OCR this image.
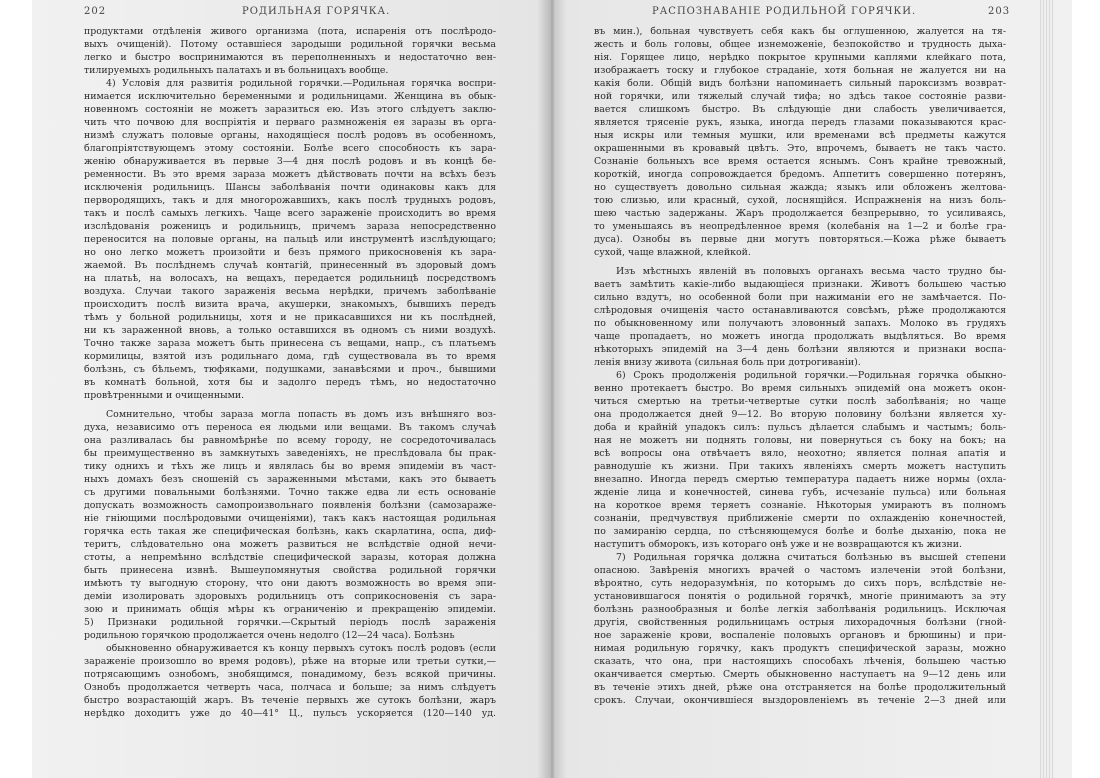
202	РОДИЛЬНАЯ ГОРЯЧКА.
продуктами отдѣленія живого организма (пота, испаренія отъ послѣродо-
выхъ очищеній). Потому оставшіеся зародыши родильной горячки весьма
легко и быстро воспринимаются въ переполненныхъ и недостаточно вен-
тилируемыхъ родильныхъ палатахъ и въ больницахъ вообще.
4) Условія для развитія родильной горячки.—Родильная горячка воспри-
нимается исключительно беременными и родильницами. Женщина въ обык-
новенномъ состояніи не можетъ заразиться ею. Изъ этого слѣдуетъ заклю-
чить что почвою для воспріятія и перваго размноженія ея заразы въ орга-
низмѣ служатъ половые органы, находящіеся послѣ родовъ въ особенномъ,
благопріятствующемъ этому состояніи. Болѣе всего способность къ зара-
женію обнаруживается въ первые 3—4 дня послѣ родовъ и въ концѣ бе-
ременности. Въ это время зараза можетъ дѣйствовать почти на всѣхъ безъ
исключенія родильницъ. Шансы заболѣванія почти одинаковы какъ для
первородящихъ, такъ и для многорожавшихъ, какъ послѣ трудныхъ родовъ,
такъ и послѣ самыхъ легкихъ. Чаще всего зараженіе происходитъ во время
изслѣдованія роженицъ и родильницъ, причемъ зараза непосредственно
переносится на половые органы, на пальцѣ или инструментѣ изслѣдующаго;
но оно легко можетъ произойти и безъ прямого прикосновенія къ зара-
жаемой. Въ послѣднемъ случаѣ контагій, принесенный въ здоровый домъ
на платьѣ, на волосахъ, на вещахъ, передается родильницѣ посредствомъ
воздуха. Случаи такого зараженія весьма нерѣдки, причемъ заболѣваніе
происходитъ послѣ визита врача, акушерки, знакомыхъ, бывшихъ передъ
тѣмъ у больной родильницы, хотя и не прикасавшихся ни къ послѣдней,
ни къ зараженной вновь, а только оставшихся въ одномъ съ ними воздухѣ.
Точно также зараза можетъ быть принесена съ вещами, напр., съ платьемъ
кормилицы, взятой изъ родильнаго дома, гдѣ существовала въ то время
болѣзнь, съ бѣльемъ, тюфяками, подушками, занавѣсями и проч., бывшими
въ комнатѣ больной, хотя бы и задолго передъ тѣмъ, но недостаточно
провѣтренными и очищенными.
Сомнительно, чтобы зараза могла попасть въ домъ изъ внѣшняго воз-
духа, независимо отъ переноса ея людьми или вещами. Въ такомъ случаѣ
она разливалась бы равномѣрнѣе по всему городу, не сосредоточивалась
бы преимущественно въ замкнутыхъ заведеніяхъ, не преслѣдовала бы прак-
тику однихъ и тѣхъ же лицъ и являлась бы во время эпидеміи въ част-
ныхъ домахъ безъ сношеній съ зараженными мѣстами, какъ это бываетъ
съ другими повальными болѣзнями. Точно также едва ли есть основаніе
допускать возможность самопроизвольнаго появленія болѣзни (самозараже-
ніе гніющими послѣродовыми очищеніями), такъ какъ настоящая родильная
горячка есть такая же специфическая болѣзнь, какъ скарлатина, оспа, диф-
теритъ, слѣдовательно она можетъ развиться не вслѣдствіе одной нечи-
стоты, а непремѣнно вслѣдствіе специфической заразы, которая должна
быть принесена извнѣ. Вышеупомянутыя свойства родильной горячки
имѣютъ ту выгодную сторону, что они даютъ возможность во время эпи-
деміи изолировать здоровыхъ родильницъ отъ соприкосновенія съ зара-
зою и принимать общія мѣры къ ограниченію и прекращенію эпидеміи.
5) Признаки родильной горячки.—Скрытый періодъ послѣ зараженія
родильною горячкою продолжается очень недолго (12—24 часа). Болѣзнь
обыкновенно обнаруживается къ концу первыхъ сутокъ послѣ родовъ (если
зараженіе произошло во время родовъ), рѣже на вторые или третьи сутки,—
потрясающимъ ознобомъ, знобящимся, понадимому, безъ всякой причины.
Ознобъ продолжается четверть часа, полчаса и больше; за нимъ слѣдуетъ
быстро возрастающій жаръ. Въ теченіе первыхъ же сутокъ болѣзни, жаръ
нерѣдко доходитъ уже до 40—41° Ц., пульсъ ускоряется (120—140 уд.
РАСПОЗНАВАНІЕ РОДИЛЬНОЙ ГОРЯЧКИ.	203
въ мин.), больная чувствуетъ себя какъ бы оглушенною, жалуется на тя-
жесть и боль головы, общее изнеможеніе, безпокойство и трудность дыха-
нія. Горящее лицо, нерѣдко покрытое крупными каплями клейкаго пота,
изображаетъ тоску и глубокое страданіе, хотя больная не жалуется ни на
какія боли. Общій видъ болѣзни напоминаетъ сильный пароксизмъ возврат-
ной горячки, или тяжелый случай тифа; но здѣсь такое состояніе разви-
вается слишкомъ быстро. Въ слѣдующіе дни слабость увеличивается,
является трясеніе рукъ, языка, иногда передъ глазами показываются крас-
ныя искры или темныя мушки, или временами всѣ предметы кажутся
окрашенными въ кровавый цвѣтъ. Это, впрочемъ, бываетъ не такъ часто.
Сознаніе больныхъ все время остается яснымъ. Сонъ крайне тревожный,
короткій, иногда сопровождается бредомъ. Аппетитъ совершенно потерянъ,
но существуетъ довольно сильная жажда; языкъ или обложенъ желтова-
тою слизью, или красный, сухой, лоснящійся. Испражненія на низъ боль-
шею частью задержаны. Жаръ продолжается безпрерывно, то усиливаясь,
то уменьшаясь въ неопредѣленное время (колебанія на 1—2 и болѣе гра-
дуса). Ознобы въ первые дни могутъ повторяться.—Кожа рѣже бываетъ
сухой, чаще влажной, клейкой.
Изъ мѣстныхъ явленій въ половыхъ органахъ весьма часто трудно бы-
ваетъ замѣтить какіе-либо выдающіеся признаки. Животъ большею частью
сильно вздутъ, но особенной боли при нажиманіи его не замѣчается. По-
слѣродовыя очищенія часто останавливаются совсѣмъ, рѣже продолжаются
по обыкновенному или получаютъ зловонный запахъ. Молоко въ грудяхъ
чаще пропадаетъ, но можетъ иногда продолжать выдѣляться. Во время
нѣкоторыхъ эпидемій на 3—4 день болѣзни являются и признаки воспа-
ленія внизу живота (сильная боль при дотрогиваніи).
6) Срокъ продолженія родильной горячки.—Родильная горячка обыкно-
венно протекаетъ быстро. Во время сильныхъ эпидемій она можетъ окон-
читься смертью на третьи-четвертые сутки послѣ заболѣванія; но чаще
она продолжается дней 9—12. Во вторую половину болѣзни является ху-
доба и крайній упадокъ силъ: пульсъ дѣлается слабымъ и частымъ; боль-
ная не можетъ ни поднять головы, ни повернуться съ боку на бокъ; на
всѣ вопросы она отвѣчаетъ вяло, неохотно; является полная апатія и
равнодушіе къ жизни. При такихъ явленіяхъ смерть можетъ наступить
внезапно. Иногда передъ смертью температура падаетъ ниже нормы (охла-
жденіе лица и конечностей, синева губъ, исчезаніе пульса) или больная
на короткое время теряетъ сознаніе. Нѣкоторыя умираютъ въ полномъ
сознаніи, предчувствуя приближеніе смерти по охлажденію конечностей,
по замиранію сердца, по стѣсняющемуся болѣе и болѣе дыханію, пока не
наступитъ обморокъ, изъ котораго онѣ уже и не возвращаются къ жизни.
7) Родильная горячка должна считаться болѣзнью въ высшей степени
опасною. Завѣренія многихъ врачей о частомъ излеченіи этой болѣзни,
вѣроятно, суть недоразумѣнія, по которымъ до сихъ поръ, вслѣдствіе не-
установившагося понятія о родильной горячкѣ, многіе принимаютъ за эту
болѣзнь разнообразныя и болѣе легкія заболѣванія родильницъ. Исключая
другія, свойственныя родильницамъ острыя лихорадочныя болѣзни (гной-
ное зараженіе крови, воспаленіе половыхъ органовъ и брюшины) и при-
нимая родильную горячку, какъ продуктъ специфической заразы, можно
сказать, что она, при настоящихъ способахъ лѣченія, большею частью
оканчивается смертью. Смерть обыкновенно наступаетъ на 9—12 день или
въ теченіе этихъ дней, рѣже она отстраняется на болѣе продолжительный
срокъ. Случаи, окончившіеся выздоровленіемъ въ теченіе 2—3 дней или
